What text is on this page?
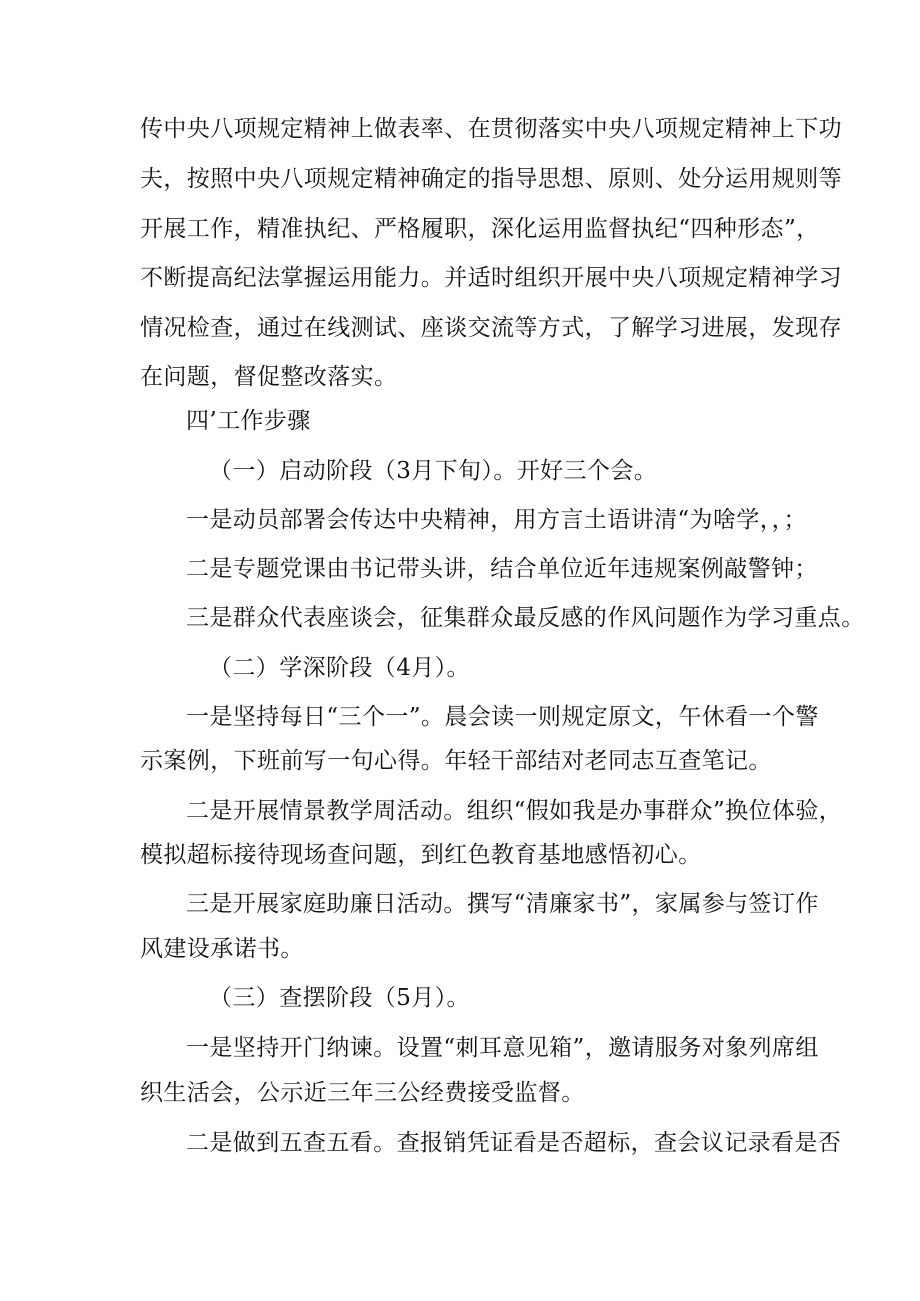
传中央八项规定精神上做表率、在贯彻落实中央八项规定精神上下功
夫，按照中央八项规定精神确定的指导思想、原则、处分运用规则等
开展工作，精准执纪、严格履职，深化运用监督执纪“四种形态”，
不断提高纪法掌握运用能力。并适时组织开展中央八项规定精神学习
情况检查，通过在线测试、座谈交流等方式，了解学习进展，发现存
在问题，督促整改落实。
四’工作步骤
（一）启动阶段（3月下旬）。开好三个会。
一是动员部署会传达中央精神，用方言土语讲清“为啥学，，；
二是专题党课由书记带头讲，结合单位近年违规案例敲警钟；
三是群众代表座谈会，征集群众最反感的作风问题作为学习重点。
（二）学深阶段（4月）。
一是坚持每日“三个一”。晨会读一则规定原文，午休看一个警
示案例，下班前写一句心得。年轻干部结对老同志互查笔记。
二是开展情景教学周活动。组织“假如我是办事群众”换位体验，
模拟超标接待现场查问题，到红色教育基地感悟初心。
三是开展家庭助廉日活动。撰写“清廉家书”，家属参与签订作
风建设承诺书。
（三）查摆阶段（5月）。
一是坚持开门纳谏。设置“刺耳意见箱”，邀请服务对象列席组
织生活会，公示近三年三公经费接受监督。
二是做到五查五看。查报销凭证看是否超标，查会议记录看是否
